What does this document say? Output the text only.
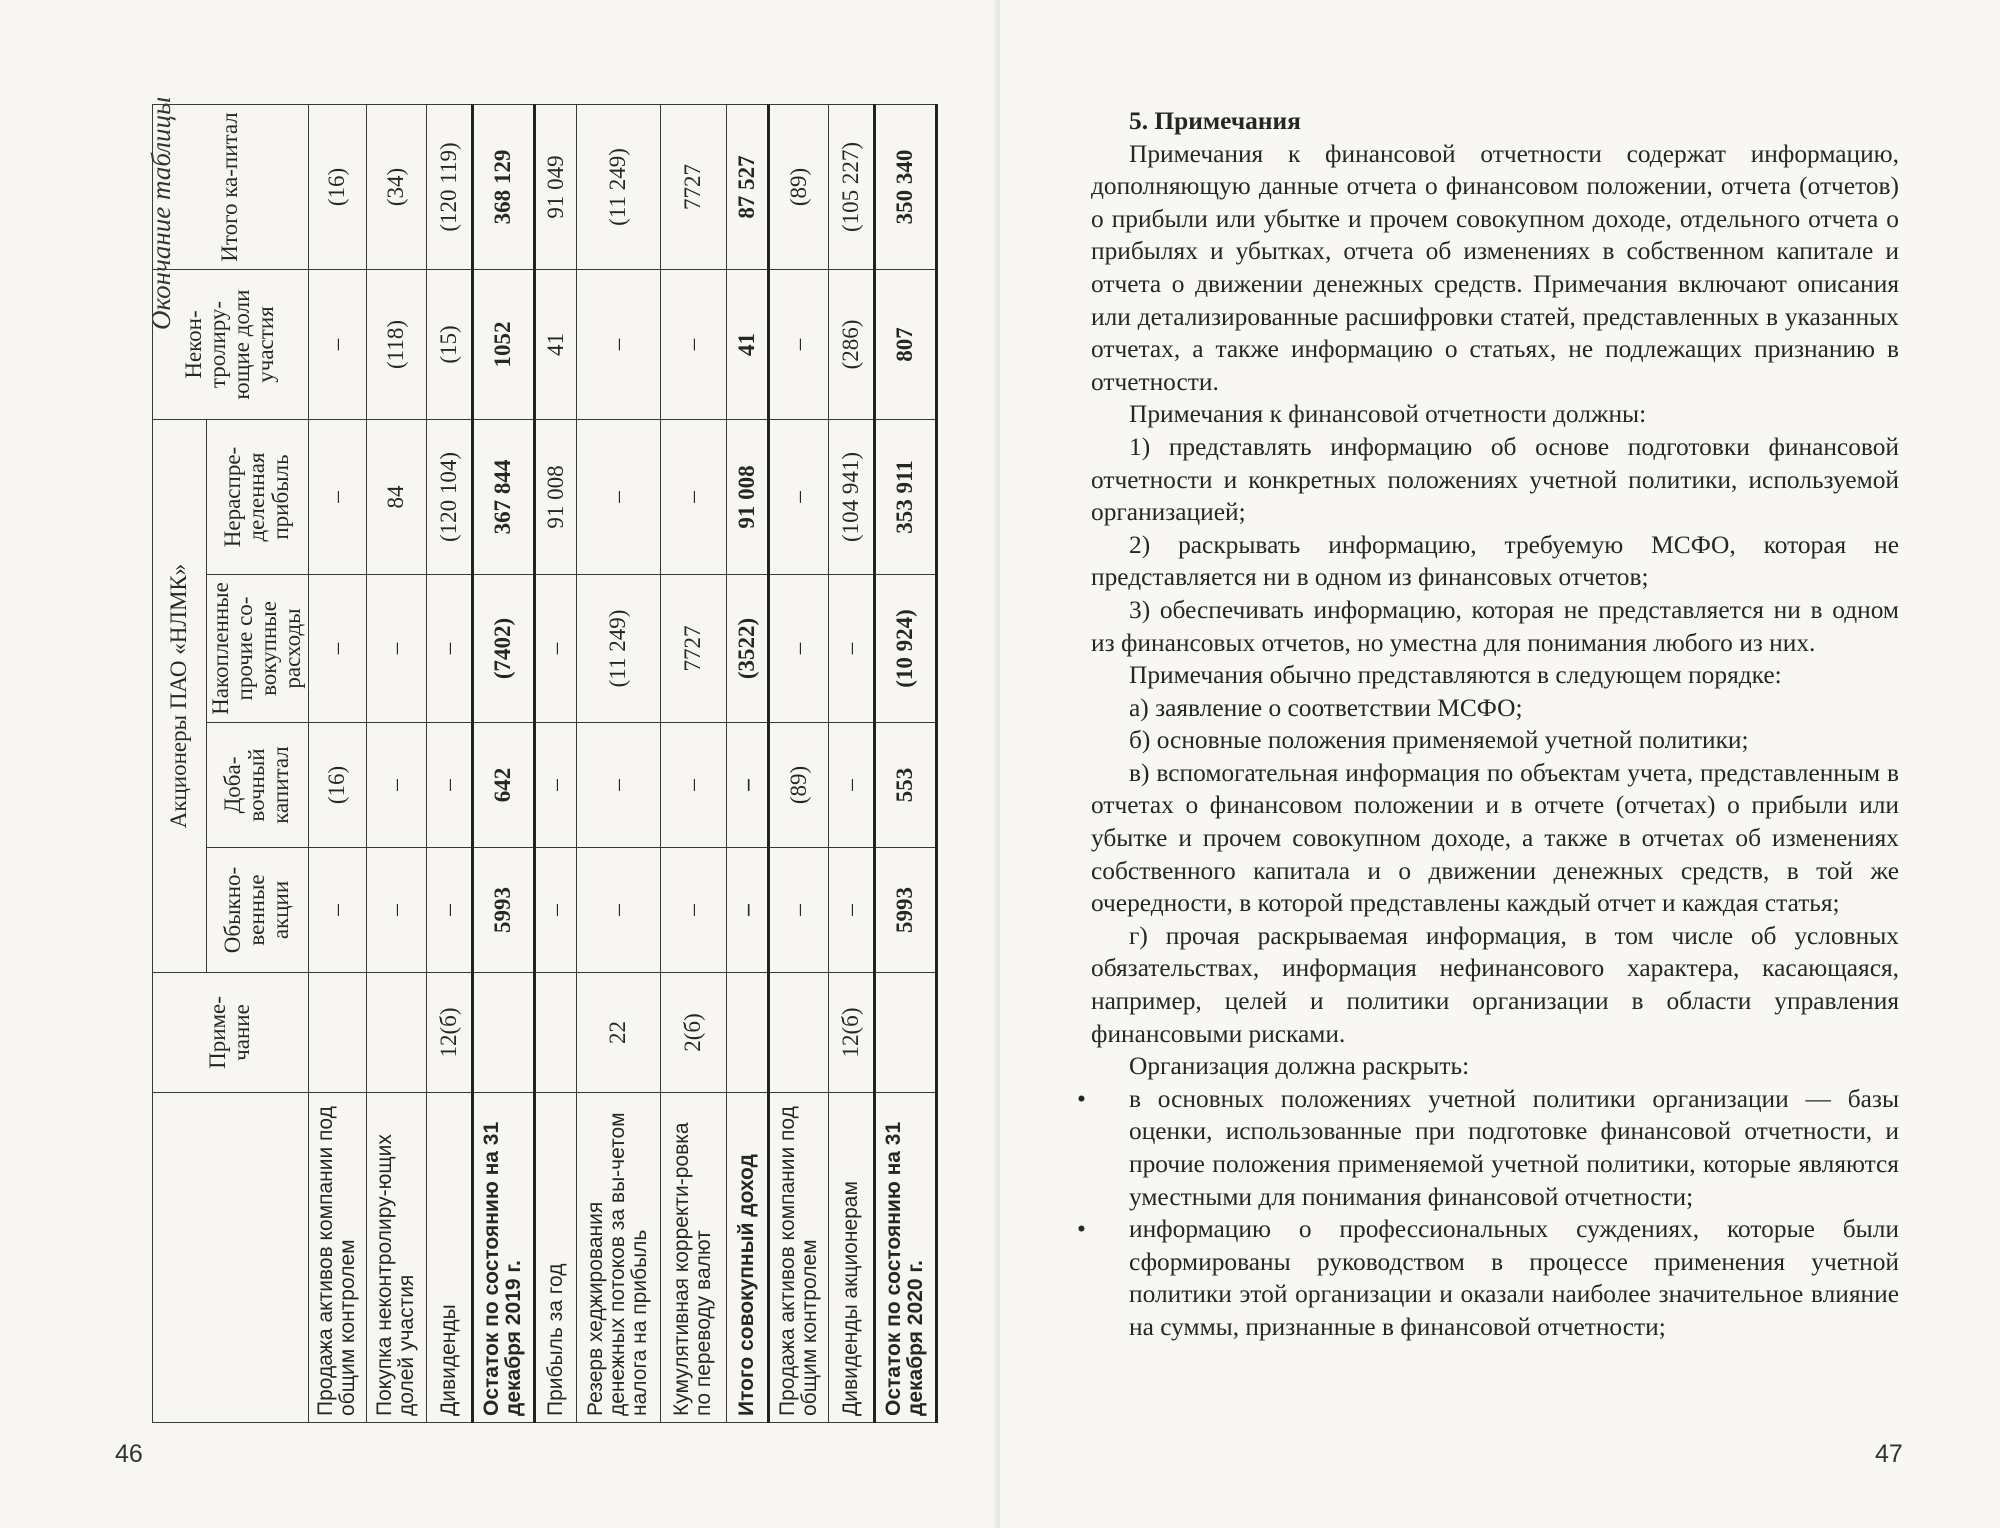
Окончание таблицы
	Приме-чание	Акционеры ПАО «НЛМК»				Некон-тролиру-ющие доли участия	Итого ка-питал
		Обыкно-венные акции	Доба-вочный капитал	Накопленные прочие со-вокупные расходы	Нераспре-деленная прибыль		
Продажа активов компании под общим контролем		–	(16)	–	–	–	(16)
Покупка неконтролиру-ющих долей участия		–	–	–	84	(118)	(34)
Дивиденды	12(б)	–	–	–	(120 104)	(15)	(120 119)
Остаток по состоянию на 31 декабря 2019 г.		5993	642	(7402)	367 844	1052	368 129
Прибыль за год		–	–	–	91 008	41	91 049
Резерв хеджирования денежных потоков за вы-четом налога на прибыль	22	–	–	(11 249)	–	–	(11 249)
Кумулятивная корректи-ровка по переводу валют	2(б)	–	–	7727	–	–	7727
Итого совокупный доход		–	–	(3522)	91 008	41	87 527
Продажа активов компании под общим контролем		–	(89)	–	–	–	(89)
Дивиденды акционерам	12(б)	–	–	–	(104 941)	(286)	(105 227)
Остаток по состоянию на 31 декабря 2020 г.		5993	553	(10 924)	353 911	807	350 340
46
5. Примечания

Примечания к финансовой отчетности содержат информацию, дополняющую данные отчета о финансовом положении, отчета (отчетов) о прибыли или убытке и прочем совокупном доходе, отдельного отчета о прибылях и убытках, отчета об изменениях в собственном капитале и отчета о движении денежных средств. Примечания включают описания или детализированные расшифровки статей, представленных в указанных отчетах, а также информацию о статьях, не подлежащих признанию в отчетности.

Примечания к финансовой отчетности должны:

1) представлять информацию об основе подготовки финансовой отчетности и конкретных положениях учетной политики, используемой организацией;

2) раскрывать информацию, требуемую МСФО, которая не представляется ни в одном из финансовых отчетов;

3) обеспечивать информацию, которая не представляется ни в одном из финансовых отчетов, но уместна для понимания любого из них.

Примечания обычно представляются в следующем порядке:

а) заявление о соответствии МСФО;

б) основные положения применяемой учетной политики;

в) вспомогательная информация по объектам учета, представленным в отчетах о финансовом положении и в отчете (отчетах) о прибыли или убытке и прочем совокупном доходе, а также в отчетах об изменениях собственного капитала и о движении денежных средств, в той же очередности, в которой представлены каждый отчет и каждая статья;

г) прочая раскрываемая информация, в том числе об условных обязательствах, информация нефинансового характера, касающаяся, например, целей и политики организации в области управления финансовыми рисками.

Организация должна раскрыть:

• в основных положениях учетной политики организации — базы оценки, использованные при подготовке финансовой отчетности, и прочие положения применяемой учетной политики, которые являются уместными для понимания финансовой отчетности;

• информацию о профессиональных суждениях, которые были сформированы руководством в процессе применения учетной политики этой организации и оказали наиболее значительное влияние на суммы, признанные в финансовой отчетности;

47
